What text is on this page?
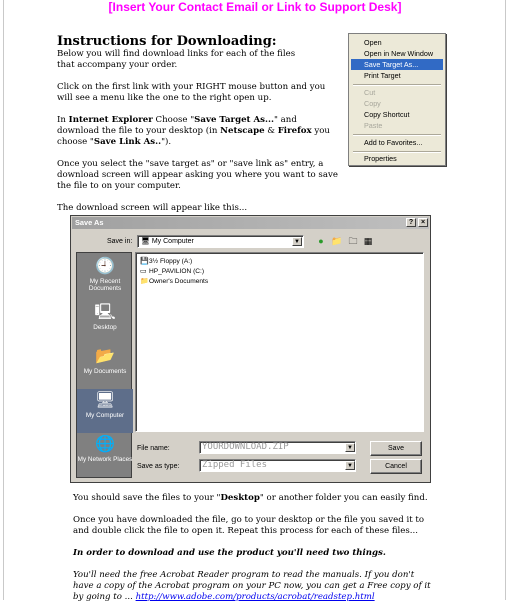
[Insert Your Contact Email or Link to Support Desk]
Instructions for Downloading:

Below you will find download links for each of the files that accompany your order.

Click on the first link with your RIGHT mouse button and you will see a menu like the one to the right open up.

In Internet Explorer Choose "Save Target As..." and download the file to your desktop (in Netscape & Firefox you choose "Save Link As..").

Once you select the "save target as" or "save link as" entry, a download screen will appear asking you where you want to save the file to on your computer.

The download screen will appear like this...

Open
Open in New Window
Save Target As...
Print Target
Cut
Copy
Copy Shortcut
Paste
Add to Favorites...
Properties
Save As	?	×
Save in:	🖥 My Computer	▼	● 📁 🗀 ▦
🕘
My Recent Documents
🖳
Desktop
📂
My Documents
🖥
My Computer
🌐
My Network Places
💾3½ Floppy (A:)
▭ HP_PAVILION (C:)
📁Owner's Documents
File name:	YOURDOWNLOAD.ZIP	▼
Save as type:	Zipped Files	▼
Save
Cancel

You should save the files to your "Desktop" or another folder you can easily find.

Once you have downloaded the file, go to your desktop or the file you saved it to and double click the file to open it. Repeat this process for each of these files...

In order to download and use the product you'll need two things.

You'll need the free Acrobat Reader program to read the manuals. If you don't have a copy of the Acrobat program on your PC now, you can get a Free copy of it by going to ... http://www.adobe.com/products/acrobat/readstep.html
